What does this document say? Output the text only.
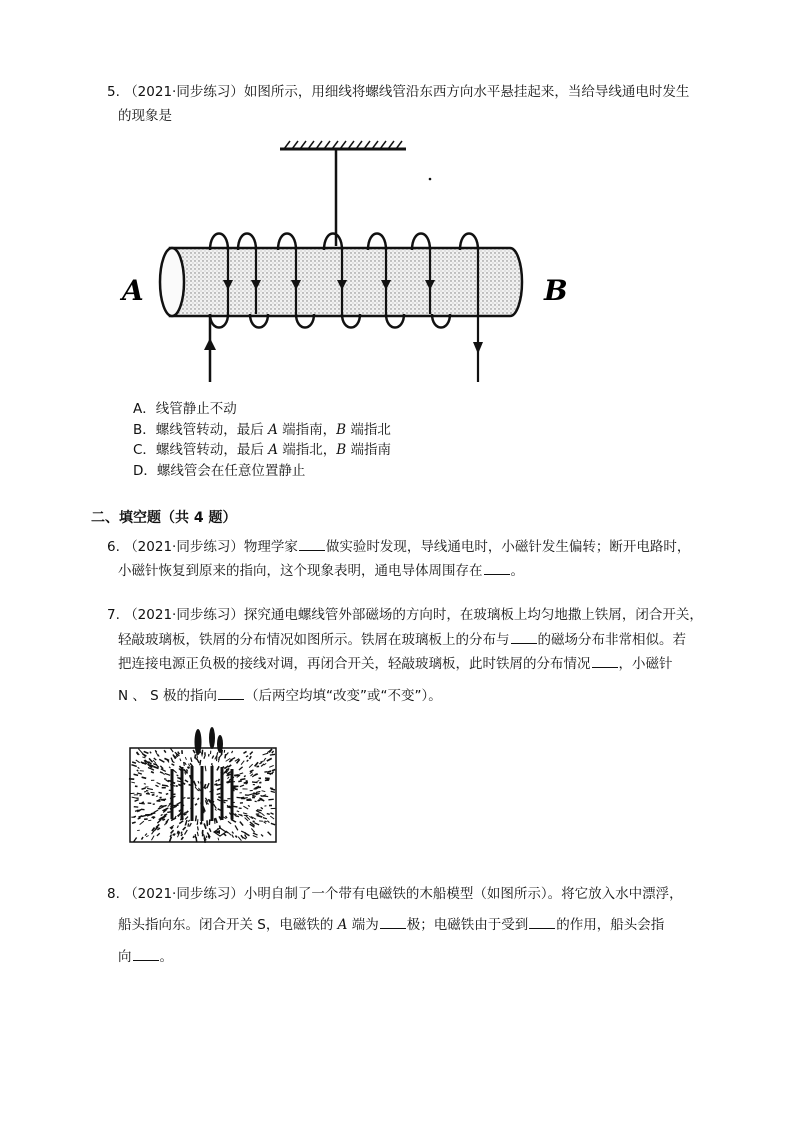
5. （2021·同步练习）如图所示，用细线将螺线管沿东西方向水平悬挂起来，当给导线通电时发生
的现象是
A	B
A．线管静止不动
B．螺线管转动，最后 A 端指南，B 端指北
C．螺线管转动，最后 A 端指北，B 端指南
D．螺线管会在任意位置静止
二、填空题（共 4 题）
6. （2021·同步练习）物理学家 做实验时发现，导线通电时，小磁针发生偏转；断开电路时，
小磁针恢复到原来的指向，这个现象表明，通电导体周围存在 。
7. （2021·同步练习）探究通电螺线管外部磁场的方向时，在玻璃板上均匀地撒上铁屑，闭合开关，
轻敲玻璃板，铁屑的分布情况如图所示。铁屑在玻璃板上的分布与 的磁场分布非常相似。若
把连接电源正负极的接线对调，再闭合开关，轻敲玻璃板，此时铁屑的分布情况 ，小磁针
N 、 S 极的指向 （后两空均填“改变”或“不变”）。
8. （2021·同步练习）小明自制了一个带有电磁铁的木船模型（如图所示）。将它放入水中漂浮，
船头指向东。闭合开关 S，电磁铁的 A 端为 极；电磁铁由于受到 的作用，船头会指
向 。
